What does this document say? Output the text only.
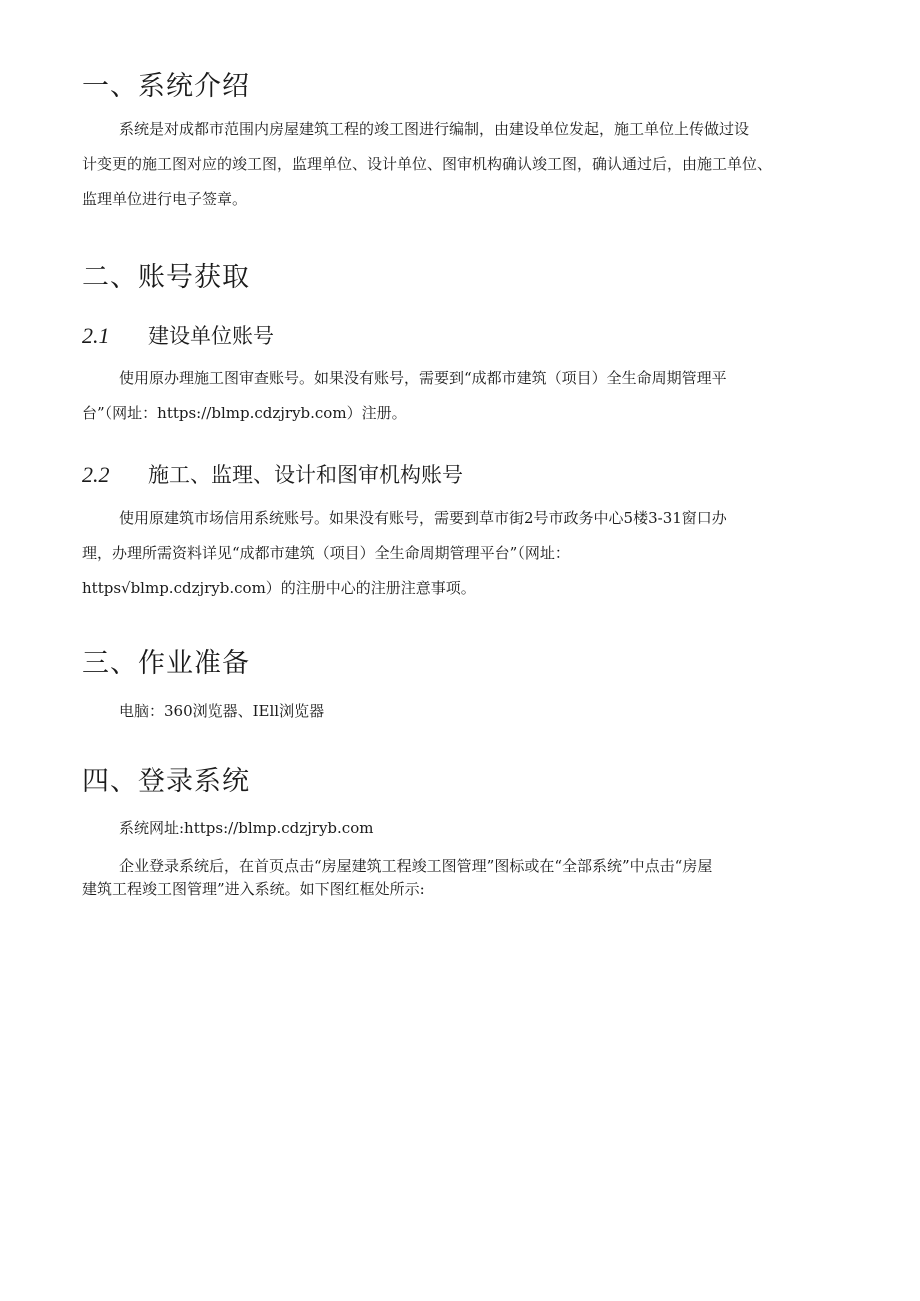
一、系统介绍
系统是对成都市范围内房屋建筑工程的竣工图进行编制，由建设单位发起，施工单位上传做过设
计变更的施工图对应的竣工图，监理单位、设计单位、图审机构确认竣工图，确认通过后，由施工单位、
监理单位进行电子签章。
二、账号获取
2.1 建设单位账号
使用原办理施工图审查账号。如果没有账号，需要到“成都市建筑（项目）全生命周期管理平
台”（网址：https://blmp.cdzjryb.com）注册。
2.2 施工、监理、设计和图审机构账号
使用原建筑市场信用系统账号。如果没有账号，需要到草市街2号市政务中心5楼3-31窗口办
理，办理所需资料详见“成都市建筑（项目）全生命周期管理平台”（网址：
https√blmp.cdzjryb.com）的注册中心的注册注意事项。
三、作业准备
电脑：360浏览器、IEll浏览器
四、登录系统
系统网址:https://blmp.cdzjryb.com
企业登录系统后，在首页点击“房屋建筑工程竣工图管理”图标或在“全部系统”中点击“房屋
建筑工程竣工图管理”进入系统。如下图红框处所示:
